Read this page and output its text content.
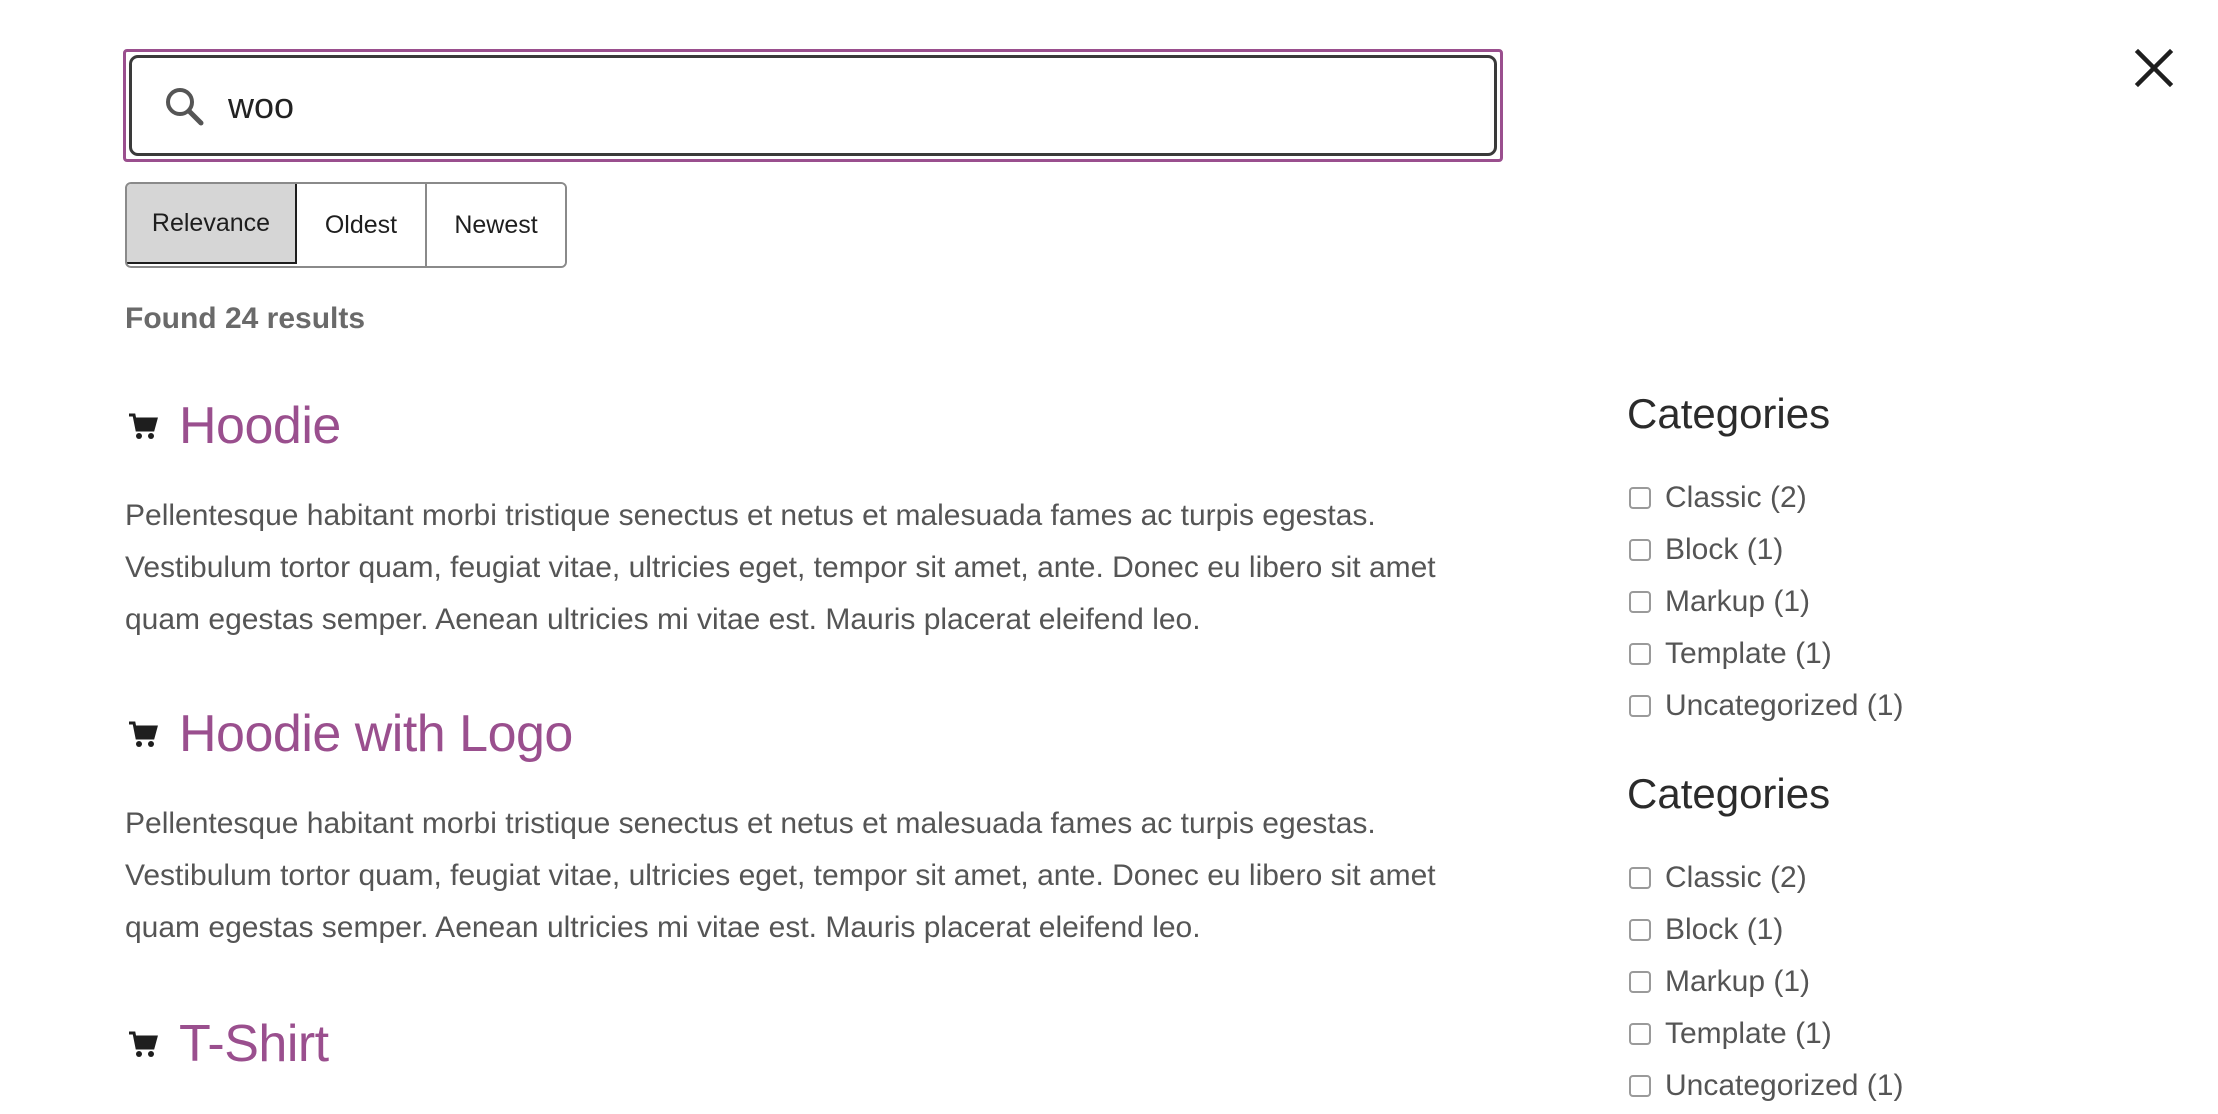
woo
Relevance	Oldest	Newest
Found 24 results
Hoodie

Pellentesque habitant morbi tristique senectus et netus et malesuada fames ac turpis egestas. Vestibulum tortor quam, feugiat vitae, ultricies eget, tempor sit amet, ante. Donec eu libero sit amet quam egestas semper. Aenean ultricies mi vitae est. Mauris placerat eleifend leo.

Hoodie with Logo

Pellentesque habitant morbi tristique senectus et netus et malesuada fames ac turpis egestas. Vestibulum tortor quam, feugiat vitae, ultricies eget, tempor sit amet, ante. Donec eu libero sit amet quam egestas semper. Aenean ultricies mi vitae est. Mauris placerat eleifend leo.

T-Shirt
Categories
Classic (2)
Block (1)
Markup (1)
Template (1)
Uncategorized (1)
Categories
Classic (2)
Block (1)
Markup (1)
Template (1)
Uncategorized (1)
